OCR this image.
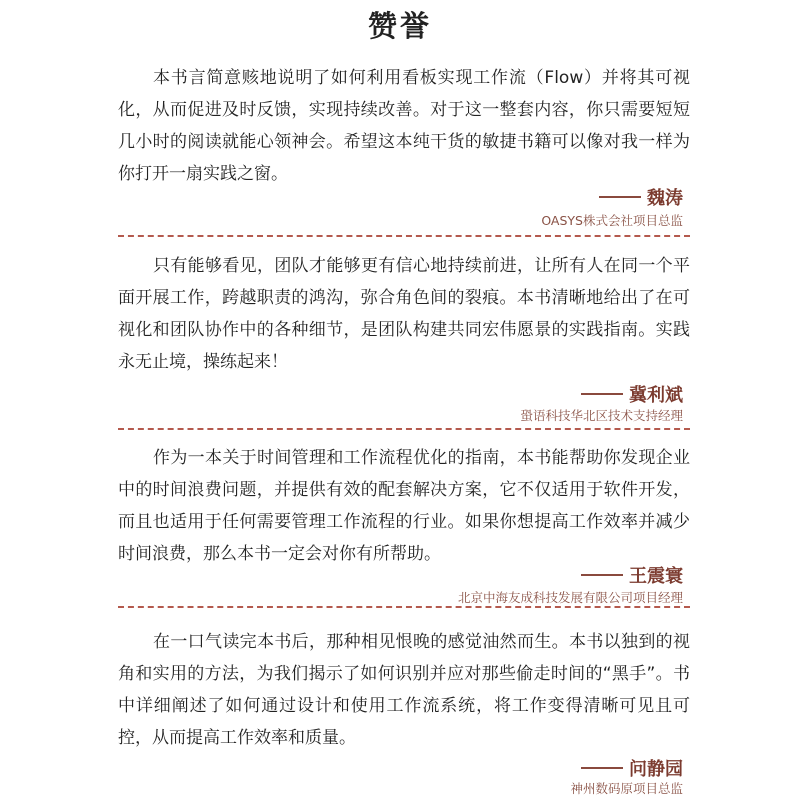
赞誉

本书言简意赅地说明了如何利用看板实现工作流（Flow）并将其可视化，从而促进及时反馈，实现持续改善。对于这一整套内容，你只需要短短几小时的阅读就能心领神会。希望这本纯干货的敏捷书籍可以像对我一样为你打开一扇实践之窗。

魏涛
OASYS株式会社项目总监

只有能够看见，团队才能够更有信心地持续前进，让所有人在同一个平面开展工作，跨越职责的鸿沟，弥合角色间的裂痕。本书清晰地给出了在可视化和团队协作中的各种细节，是团队构建共同宏伟愿景的实践指南。实践永无止境，操练起来！

冀利斌
蛩语科技华北区技术支持经理

作为一本关于时间管理和工作流程优化的指南，本书能帮助你发现企业中的时间浪费问题，并提供有效的配套解决方案，它不仅适用于软件开发，而且也适用于任何需要管理工作流程的行业。如果你想提高工作效率并减少时间浪费，那么本书一定会对你有所帮助。

王震寰
北京中海友成科技发展有限公司项目经理

在一口气读完本书后，那种相见恨晚的感觉油然而生。本书以独到的视角和实用的方法，为我们揭示了如何识别并应对那些偷走时间的“黑手”。书中详细阐述了如何通过设计和使用工作流系统，将工作变得清晰可见且可控，从而提高工作效率和质量。

问静园
神州数码原项目总监
